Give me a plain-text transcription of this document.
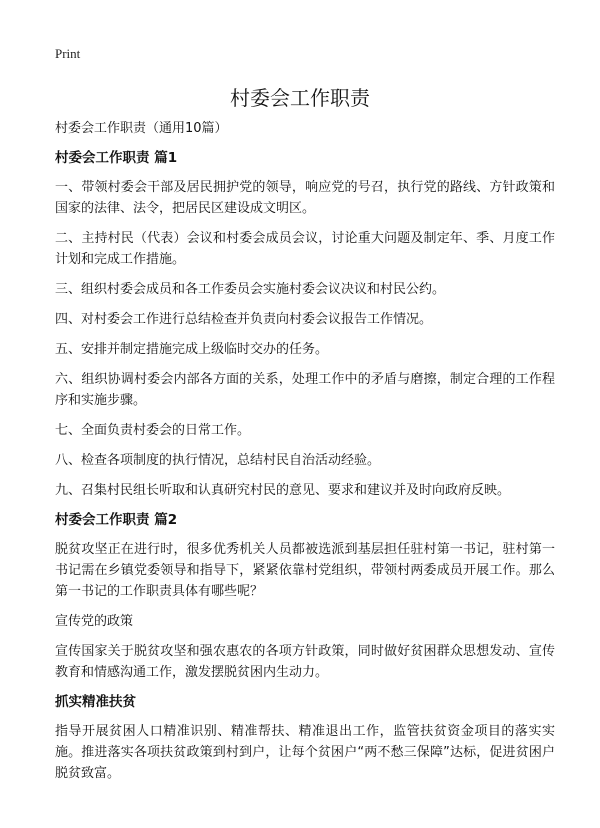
Print
村委会工作职责

村委会工作职责（通用10篇）

村委会工作职责 篇1

一、带领村委会干部及居民拥护党的领导，响应党的号召，执行党的路线、方针政策和国家的法律、法令，把居民区建设成文明区。

二、主持村民（代表）会议和村委会成员会议，讨论重大问题及制定年、季、月度工作计划和完成工作措施。

三、组织村委会成员和各工作委员会实施村委会议决议和村民公约。

四、对村委会工作进行总结检查并负责向村委会议报告工作情况。

五、安排并制定措施完成上级临时交办的任务。

六、组织协调村委会内部各方面的关系，处理工作中的矛盾与磨擦，制定合理的工作程序和实施步骤。

七、全面负责村委会的日常工作。

八、检查各项制度的执行情况，总结村民自治活动经验。

九、召集村民组长听取和认真研究村民的意见、要求和建议并及时向政府反映。

村委会工作职责 篇2

脱贫攻坚正在进行时，很多优秀机关人员都被选派到基层担任驻村第一书记，驻村第一书记需在乡镇党委领导和指导下，紧紧依靠村党组织，带领村两委成员开展工作。那么第一书记的工作职责具体有哪些呢？

宣传党的政策

宣传国家关于脱贫攻坚和强农惠农的各项方针政策，同时做好贫困群众思想发动、宣传教育和情感沟通工作，激发摆脱贫困内生动力。

抓实精准扶贫

指导开展贫困人口精准识别、精准帮扶、精准退出工作，监管扶贫资金项目的落实实施。推进落实各项扶贫政策到村到户，让每个贫困户“两不愁三保障”达标，促进贫困户脱贫致富。
